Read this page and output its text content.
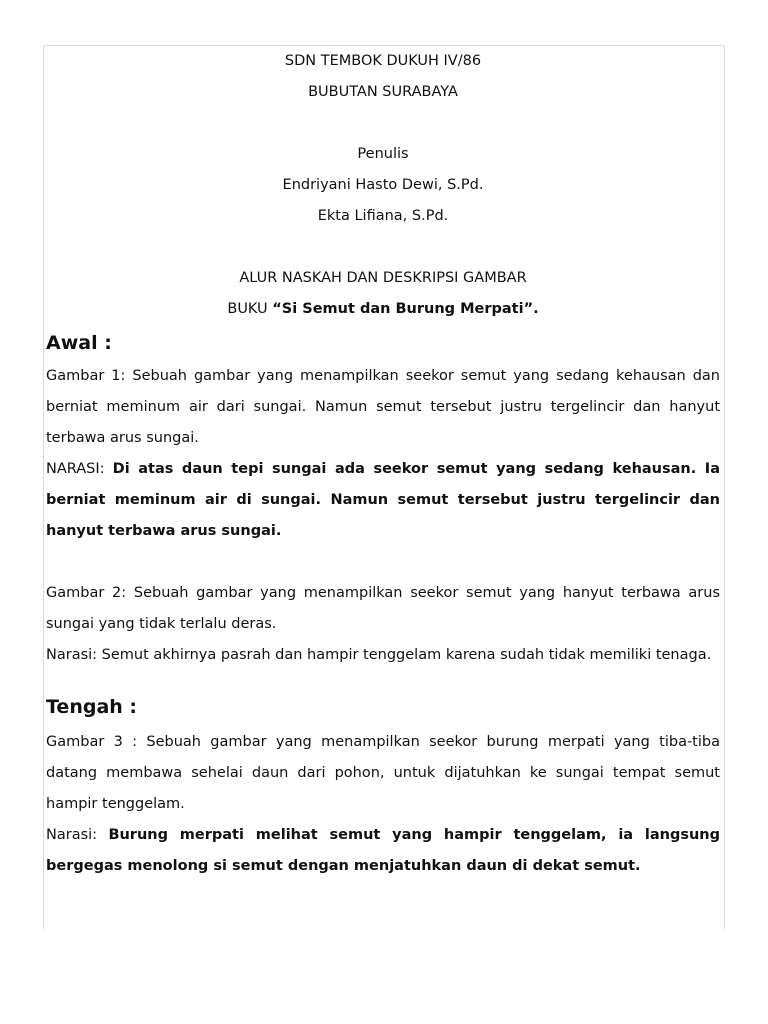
SDN TEMBOK DUKUH IV/86

BUBUTAN SURABAYA

Penulis

Endriyani Hasto Dewi, S.Pd.

Ekta Lifiana, S.Pd.

ALUR NASKAH DAN DESKRIPSI GAMBAR

BUKU “Si Semut dan Burung Merpati”.

Awal :

Gambar 1: Sebuah gambar yang menampilkan seekor semut yang sedang kehausan dan berniat meminum air dari sungai. Namun semut tersebut justru tergelincir dan hanyut terbawa arus sungai.

NARASI: Di atas daun tepi sungai ada seekor semut yang sedang kehausan. Ia berniat meminum air di sungai. Namun semut tersebut justru tergelincir dan hanyut terbawa arus sungai.

Gambar 2: Sebuah gambar yang menampilkan seekor semut yang hanyut terbawa arus sungai yang tidak terlalu deras.

Narasi: Semut akhirnya pasrah dan hampir tenggelam karena sudah tidak memiliki tenaga.

Tengah :

Gambar 3 : Sebuah gambar yang menampilkan seekor burung merpati yang tiba-tiba datang membawa sehelai daun dari pohon, untuk dijatuhkan ke sungai tempat semut hampir tenggelam.

Narasi: Burung merpati melihat semut yang hampir tenggelam, ia langsung bergegas menolong si semut dengan menjatuhkan daun di dekat semut.
